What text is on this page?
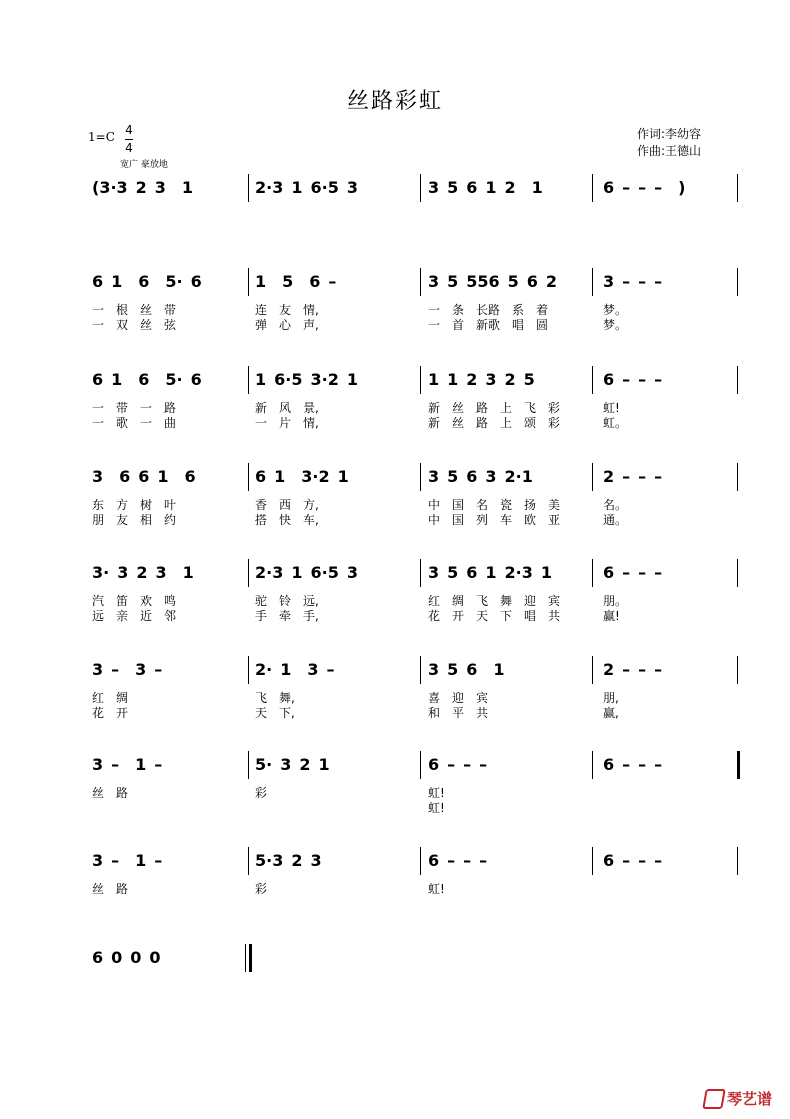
丝路彩虹
1=C 4
4
宽广 豪放地
作词:李幼容
作曲:王德山
(3·3 2 3  1	2·3 1 6·5 3	3 5 6 1 2  1	6 – – –  )
6 1  6  5· 6	1  5  6 –	3 5 556 5 6 2	3 – – –
一 根 丝 带	连 友 情,	一 条 长路 系 着	梦。
一 双 丝 弦	弹 心 声,	一 首 新歌 唱 圆	梦。
6 1  6  5· 6	1 6·5 3·2 1	1 1 2 3 2 5	6 – – –
一 带 一 路	新 风 景,	新 丝 路 上 飞 彩	虹!
一 歌 一 曲	一 片 情,	新 丝 路 上 颂 彩	虹。
3  6 6 1  6	6 1  3·2 1	3 5 6 3 2·1	2 – – –
东 方 树 叶	香 西 方,	中 国 名 瓷 扬 美	名。
朋 友 相 约	搭 快 车,	中 国 列 车 欧 亚	通。
3· 3 2 3  1	2·3 1 6·5 3	3 5 6 1 2·3 1	6 – – –
汽 笛 欢 鸣	驼 铃 远,	红 绸 飞 舞 迎 宾	朋。
远 亲 近 邻	手 牵 手,	花 开 天 下 唱 共	赢!
3 –  3 –	2· 1  3 –	3 5 6  1	2 – – –
红 绸	飞 舞,	喜 迎 宾	朋,
花 开	天 下,	和 平 共	赢,
3 –  1 –	5· 3 2 1	6 – – –	6 – – –
丝 路	彩	虹!
虹!
3 –  1 –	5·3 2 3	6 – – –	6 – – –
丝 路	彩	虹!
6 0 0 0
琴艺谱
